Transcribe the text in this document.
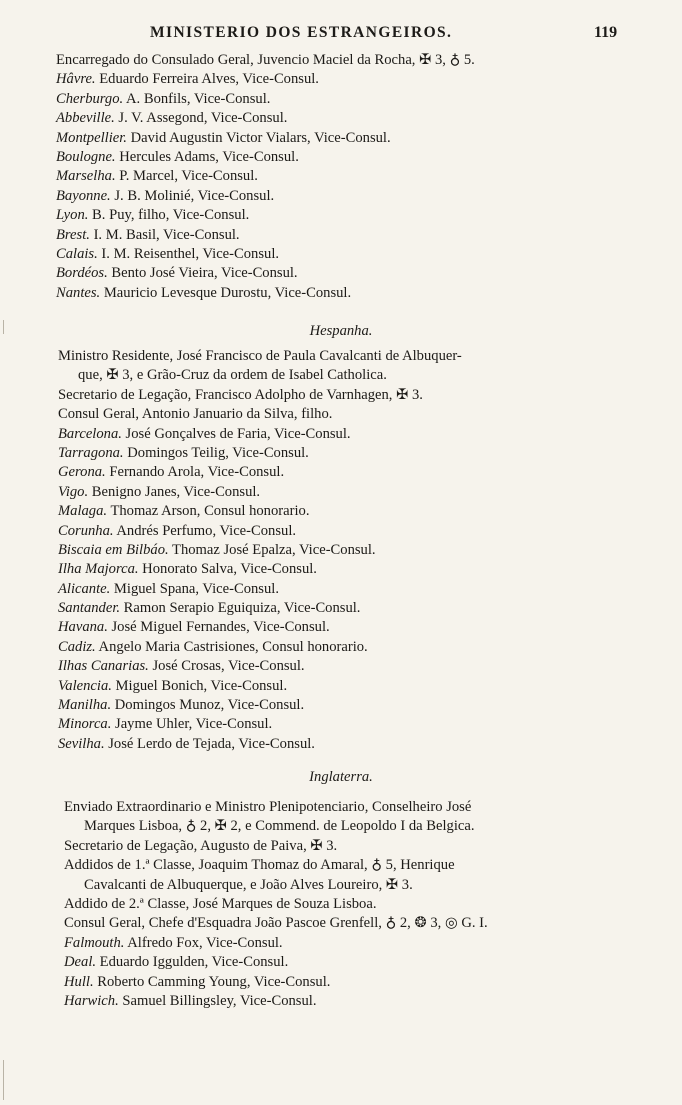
MINISTERIO DOS ESTRANGEIROS.	119
Encarregado do Consulado Geral, Juvencio Maciel da Rocha, ✠ 3, ♁ 5.
Hâvre. Eduardo Ferreira Alves, Vice-Consul.
Cherburgo. A. Bonfils, Vice-Consul.
Abbeville. J. V. Assegond, Vice-Consul.
Montpellier. David Augustin Victor Vialars, Vice-Consul.
Boulogne. Hercules Adams, Vice-Consul.
Marselha. P. Marcel, Vice-Consul.
Bayonne. J. B. Molinié, Vice-Consul.
Lyon. B. Puy, filho, Vice-Consul.
Brest. I. M. Basil, Vice-Consul.
Calais. I. M. Reisenthel, Vice-Consul.
Bordéos. Bento José Vieira, Vice-Consul.
Nantes. Mauricio Levesque Durostu, Vice-Consul.
Hespanha.
Ministro Residente, José Francisco de Paula Cavalcanti de Albuquer-
que, ✠ 3, e Grão-Cruz da ordem de Isabel Catholica.
Secretario de Legação, Francisco Adolpho de Varnhagen, ✠ 3.
Consul Geral, Antonio Januario da Silva, filho.
Barcelona. José Gonçalves de Faria, Vice-Consul.
Tarragona. Domingos Teilig, Vice-Consul.
Gerona. Fernando Arola, Vice-Consul.
Vigo. Benigno Janes, Vice-Consul.
Malaga. Thomaz Arson, Consul honorario.
Corunha. Andrés Perfumo, Vice-Consul.
Biscaia em Bilbáo. Thomaz José Epalza, Vice-Consul.
Ilha Majorca. Honorato Salva, Vice-Consul.
Alicante. Miguel Spana, Vice-Consul.
Santander. Ramon Serapio Eguiquiza, Vice-Consul.
Havana. José Miguel Fernandes, Vice-Consul.
Cadiz. Angelo Maria Castrisiones, Consul honorario.
Ilhas Canarias. José Crosas, Vice-Consul.
Valencia. Miguel Bonich, Vice-Consul.
Manilha. Domingos Munoz, Vice-Consul.
Minorca. Jayme Uhler, Vice-Consul.
Sevilha. José Lerdo de Tejada, Vice-Consul.
Inglaterra.
Enviado Extraordinario e Ministro Plenipotenciario, Conselheiro José
Marques Lisboa, ♁ 2, ✠ 2, e Commend. de Leopoldo I da Belgica.
Secretario de Legação, Augusto de Paiva, ✠ 3.
Addidos de 1.ª Classe, Joaquim Thomaz do Amaral, ♁ 5, Henrique
Cavalcanti de Albuquerque, e João Alves Loureiro, ✠ 3.
Addido de 2.ª Classe, José Marques de Souza Lisboa.
Consul Geral, Chefe d'Esquadra João Pascoe Grenfell, ♁ 2, ❂ 3, ◎ G. I.
Falmouth. Alfredo Fox, Vice-Consul.
Deal. Eduardo Iggulden, Vice-Consul.
Hull. Roberto Camming Young, Vice-Consul.
Harwich. Samuel Billingsley, Vice-Consul.
